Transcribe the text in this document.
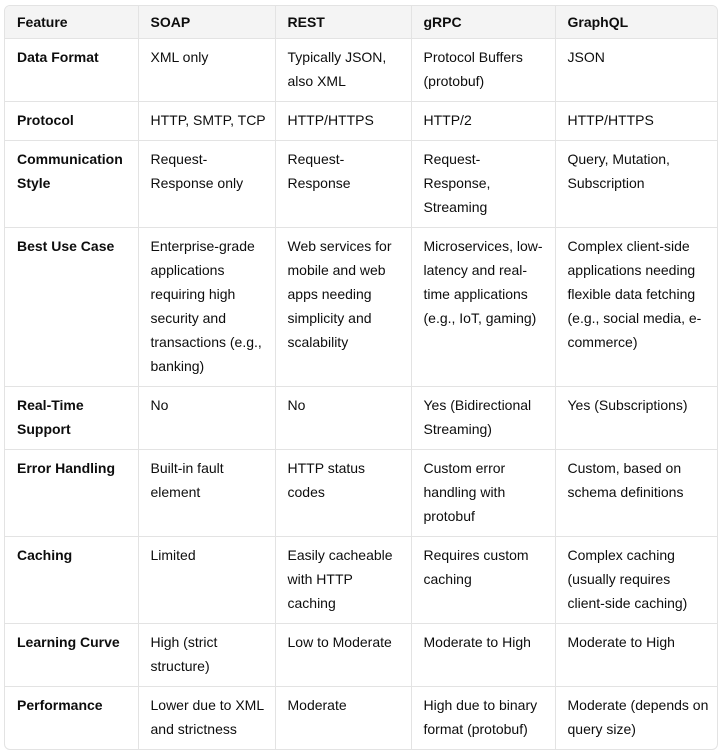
Feature	SOAP	REST	gRPC	GraphQL
Data Format	XML only	Typically JSON, also XML	Protocol Buffers (protobuf)	JSON
Protocol	HTTP, SMTP, TCP	HTTP/HTTPS	HTTP/2	HTTP/HTTPS
Communication Style	Request-Response only	Request-Response	Request-Response, Streaming	Query, Mutation, Subscription
Best Use Case	Enterprise-grade applications requiring high security and transactions (e.g., banking)	Web services for mobile and web apps needing simplicity and scalability	Microservices, low-latency and real-time applications (e.g., IoT, gaming)	Complex client-side applications needing flexible data fetching (e.g., social media, e-commerce)
Real-Time Support	No	No	Yes (Bidirectional Streaming)	Yes (Subscriptions)
Error Handling	Built-in fault element	HTTP status codes	Custom error handling with protobuf	Custom, based on schema definitions
Caching	Limited	Easily cacheable with HTTP caching	Requires custom caching	Complex caching (usually requires client-side caching)
Learning Curve	High (strict structure)	Low to Moderate	Moderate to High	Moderate to High
Performance	Lower due to XML and strictness	Moderate	High due to binary format (protobuf)	Moderate (depends on query size)
